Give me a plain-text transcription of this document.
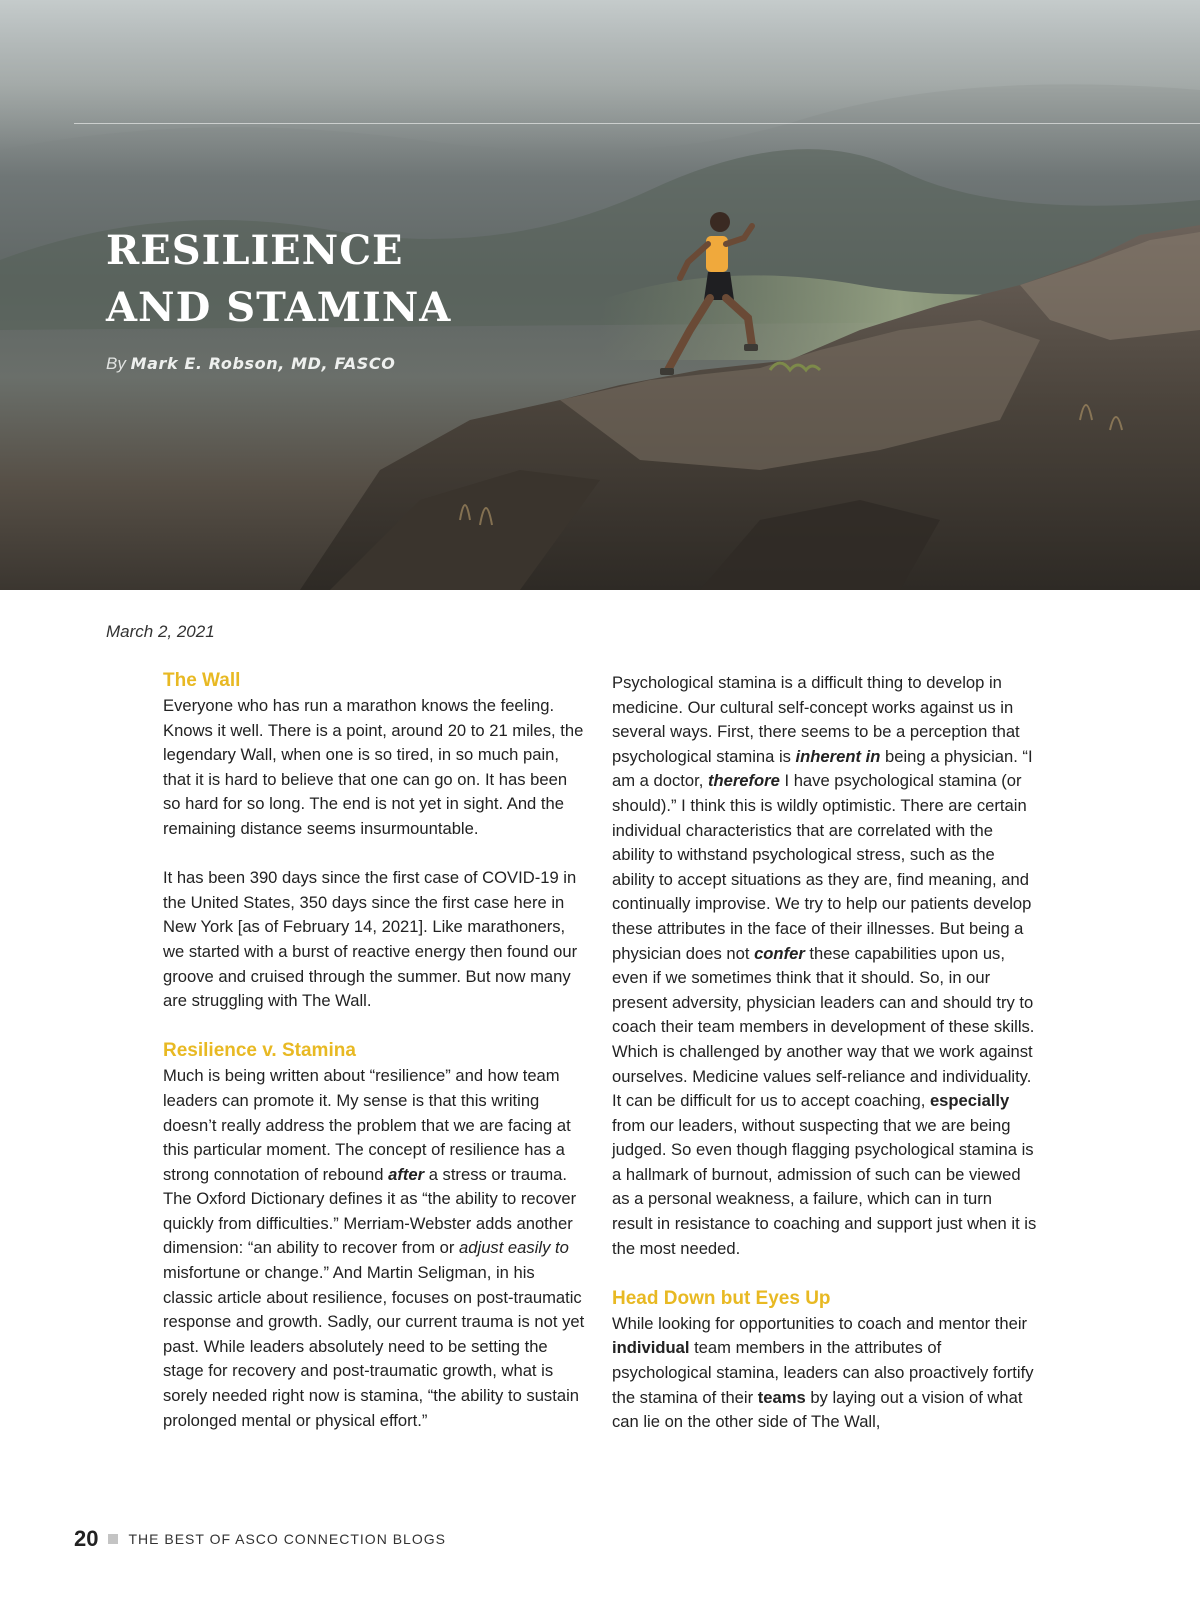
RESILIENCE
AND STAMINA
By Mark E. Robson, MD, FASCO
March 2, 2021
The Wall

Everyone who has run a marathon knows the feeling. Knows it well. There is a point, around 20 to 21 miles, the legendary Wall, when one is so tired, in so much pain, that it is hard to believe that one can go on. It has been so hard for so long. The end is not yet in sight. And the remaining distance seems insurmountable.

It has been 390 days since the first case of COVID-19 in the United States, 350 days since the first case here in New York [as of February 14, 2021]. Like marathoners, we started with a burst of reactive energy then found our groove and cruised through the summer. But now many are struggling with The Wall.

Resilience v. Stamina

Much is being written about “resilience” and how team leaders can promote it. My sense is that this writing doesn’t really address the problem that we are facing at this particular moment. The concept of resilience has a strong connotation of rebound after a stress or trauma. The Oxford Dictionary defines it as “the ability to recover quickly from difficulties.” Merriam-Webster adds another dimension: “an ability to recover from or adjust easily to misfortune or change.” And Martin Seligman, in his classic article about resilience, focuses on post-traumatic response and growth. Sadly, our current trauma is not yet past. While leaders absolutely need to be setting the stage for recovery and post-traumatic growth, what is sorely needed right now is stamina, “the ability to sustain prolonged mental or physical effort.”

Psychological stamina is a difficult thing to develop in medicine. Our cultural self-concept works against us in several ways. First, there seems to be a perception that psychological stamina is inherent in being a physician. “I am a doctor, therefore I have psychological stamina (or should).” I think this is wildly optimistic. There are certain individual characteristics that are correlated with the ability to withstand psychological stress, such as the ability to accept situations as they are, find meaning, and continually improvise. We try to help our patients develop these attributes in the face of their illnesses. But being a physician does not confer these capabilities upon us, even if we sometimes think that it should. So, in our present adversity, physician leaders can and should try to coach their team members in development of these skills. Which is challenged by another way that we work against ourselves. Medicine values self-reliance and individuality. It can be difficult for us to accept coaching, especially from our leaders, without suspecting that we are being judged. So even though flagging psychological stamina is a hallmark of burnout, admission of such can be viewed as a personal weakness, a failure, which can in turn result in resistance to coaching and support just when it is the most needed.

Head Down but Eyes Up

While looking for opportunities to coach and mentor their individual team members in the attributes of psychological stamina, leaders can also proactively fortify the stamina of their teams by laying out a vision of what can lie on the other side of The Wall,

20 THE BEST OF ASCO CONNECTION BLOGS
